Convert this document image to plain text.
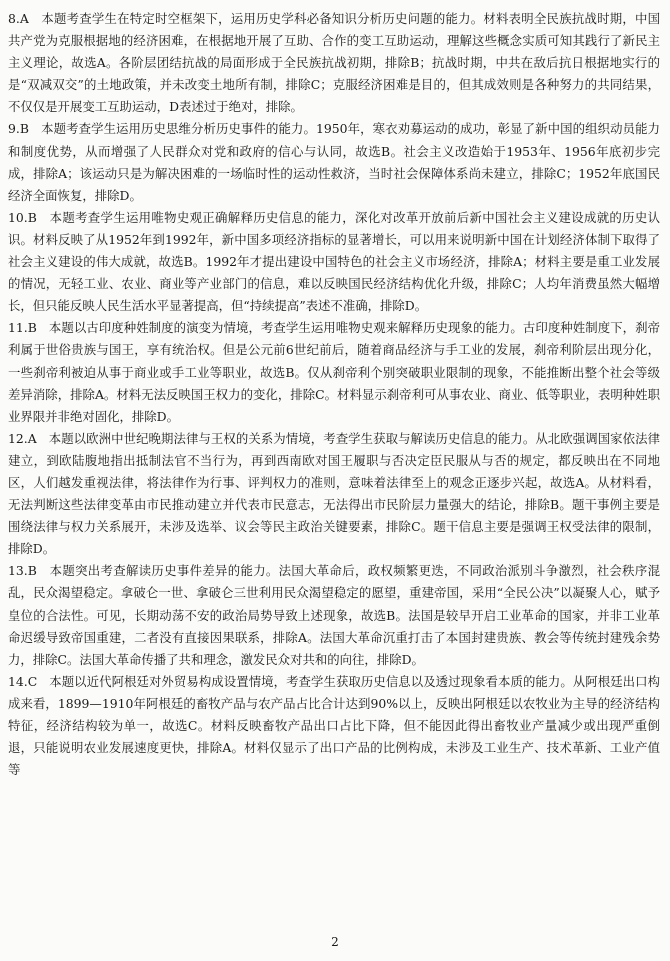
8.A 本题考查学生在特定时空框架下，运用历史学科必备知识分析历史问题的能力。材料表明全民族抗战时期，中国共产党为克服根据地的经济困难，在根据地开展了互助、合作的变工互助运动，理解这些概念实质可知其践行了新民主主义理论，故选A。各阶层团结抗战的局面形成于全民族抗战初期，排除B；抗战时期，中共在敌后抗日根据地实行的是“双减双交”的土地政策，并未改变土地所有制，排除C；克服经济困难是目的，但其成效则是各种努力的共同结果，不仅仅是开展变工互助运动，D表述过于绝对，排除。

9.B 本题考查学生运用历史思维分析历史事件的能力。1950年，寒衣劝募运动的成功，彰显了新中国的组织动员能力和制度优势，从而增强了人民群众对党和政府的信心与认同，故选B。社会主义改造始于1953年、1956年底初步完成，排除A；该运动只是为解决困难的一场临时性的运动性救济，当时社会保障体系尚未建立，排除C；1952年底国民经济全面恢复，排除D。

10.B 本题考查学生运用唯物史观正确解释历史信息的能力，深化对改革开放前后新中国社会主义建设成就的历史认识。材料反映了从1952年到1992年，新中国多项经济指标的显著增长，可以用来说明新中国在计划经济体制下取得了社会主义建设的伟大成就，故选B。1992年才提出建设中国特色的社会主义市场经济，排除A；材料主要是重工业发展的情况，无轻工业、农业、商业等产业部门的信息，难以反映国民经济结构优化升级，排除C；人均年消费虽然大幅增长，但只能反映人民生活水平显著提高，但“持续提高”表述不准确，排除D。

11.B 本题以古印度种姓制度的演变为情境，考查学生运用唯物史观来解释历史现象的能力。古印度种姓制度下，刹帝利属于世俗贵族与国王，享有统治权。但是公元前6世纪前后，随着商品经济与手工业的发展，刹帝利阶层出现分化，一些刹帝利被迫从事于商业或手工业等职业，故选B。仅从刹帝利个别突破职业限制的现象，不能推断出整个社会等级差异消除，排除A。材料无法反映国王权力的变化，排除C。材料显示刹帝利可从事农业、商业、低等职业，表明种姓职业界限并非绝对固化，排除D。

12.A 本题以欧洲中世纪晚期法律与王权的关系为情境，考查学生获取与解读历史信息的能力。从北欧强调国家依法律建立，到欧陆腹地指出抵制法官不当行为，再到西南欧对国王履职与否决定臣民服从与否的规定，都反映出在不同地区，人们越发重视法律，将法律作为行事、评判权力的准则，意味着法律至上的观念正逐步兴起，故选A。从材料看，无法判断这些法律变革由市民推动建立并代表市民意志，无法得出市民阶层力量强大的结论，排除B。题干事例主要是围绕法律与权力关系展开，未涉及选举、议会等民主政治关键要素，排除C。题干信息主要是强调王权受法律的限制，排除D。

13.B 本题突出考查解读历史事件差异的能力。法国大革命后，政权频繁更迭，不同政治派别斗争激烈，社会秩序混乱，民众渴望稳定。拿破仑一世、拿破仑三世利用民众渴望稳定的愿望，重建帝国，采用“全民公决”以凝聚人心，赋予皇位的合法性。可见，长期动荡不安的政治局势导致上述现象，故选B。法国是较早开启工业革命的国家，并非工业革命迟缓导致帝国重建，二者没有直接因果联系，排除A。法国大革命沉重打击了本国封建贵族、教会等传统封建残余势力，排除C。法国大革命传播了共和理念，激发民众对共和的向往，排除D。

14.C 本题以近代阿根廷对外贸易构成设置情境，考查学生获取历史信息以及透过现象看本质的能力。从阿根廷出口构成来看，1899—1910年阿根廷的畜牧产品与农产品占比合计达到90%以上，反映出阿根廷以农牧业为主导的经济结构特征，经济结构较为单一，故选C。材料反映畜牧产品出口占比下降，但不能因此得出畜牧业产量减少或出现严重倒退，只能说明农业发展速度更快，排除A。材料仅显示了出口产品的比例构成，未涉及工业生产、技术革新、工业产值等

2
